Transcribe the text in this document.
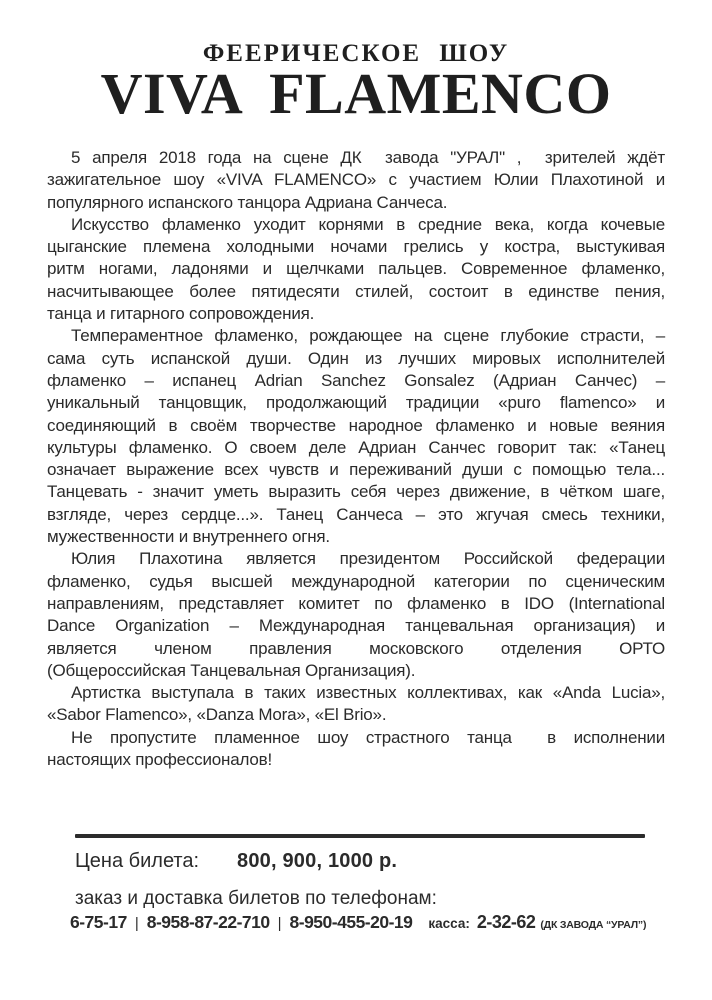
ФЕЕРИЧЕСКОЕ ШОУ
VIVA FLAMENCO
5 апреля 2018 года на сцене ДК  завода "УРАЛ" ,  зрителей ждёт
зажигательное шоу «VIVA FLAMENCO» с участием Юлии Плахотиной и
популярного испанского танцора Адриана Санчеса.
Искусство фламенко уходит корнями в средние века, когда кочевые
цыганские племена холодными ночами грелись у костра, выстукивая
ритм ногами, ладонями и щелчками пальцев. Современное фламенко,
насчитывающее более пятидесяти стилей, состоит в единстве пения,
танца и гитарного сопровождения.
Темпераментное фламенко, рождающее на сцене глубокие страсти, –
сама суть испанской души. Один из лучших мировых исполнителей
фламенко – испанец Adrian Sanchez Gonsalez (Адриан Санчес) –
уникальный танцовщик, продолжающий традиции «puro flamenco» и
соединяющий в своём творчестве народное фламенко и новые веяния
культуры фламенко. О своем деле Адриан Санчес говорит так: «Танец
означает выражение всех чувств и переживаний души с помощью тела...
Танцевать - значит уметь выразить себя через движение, в чётком шаге,
взгляде, через сердце...». Танец Санчеса – это жгучая смесь техники,
мужественности и внутреннего огня.
Юлия Плахотина является президентом Российской федерации
фламенко, судья высшей международной категории по сценическим
направлениям, представляет комитет по фламенко в IDO (International
Dance Organization – Международная танцевальная организация) и
является членом правления московского отделения ОРТО
(Общероссийская Танцевальная Организация).
Артистка выступала в таких известных коллективах, как «Anda Lucia»,
«Sabor Flamenco», «Danza Mora», «El Brio».
Не пропустите пламенное шоу страстного танца  в исполнении
настоящих профессионалов!
Цена билета: 800, 900, 1000 р.
заказ и доставка билетов по телефонам:
6-75-17 | 8-958-87-22-710 | 8-950-455-20-19 касса: 2-32-62 (ДК ЗАВОДА “УРАЛ”)
